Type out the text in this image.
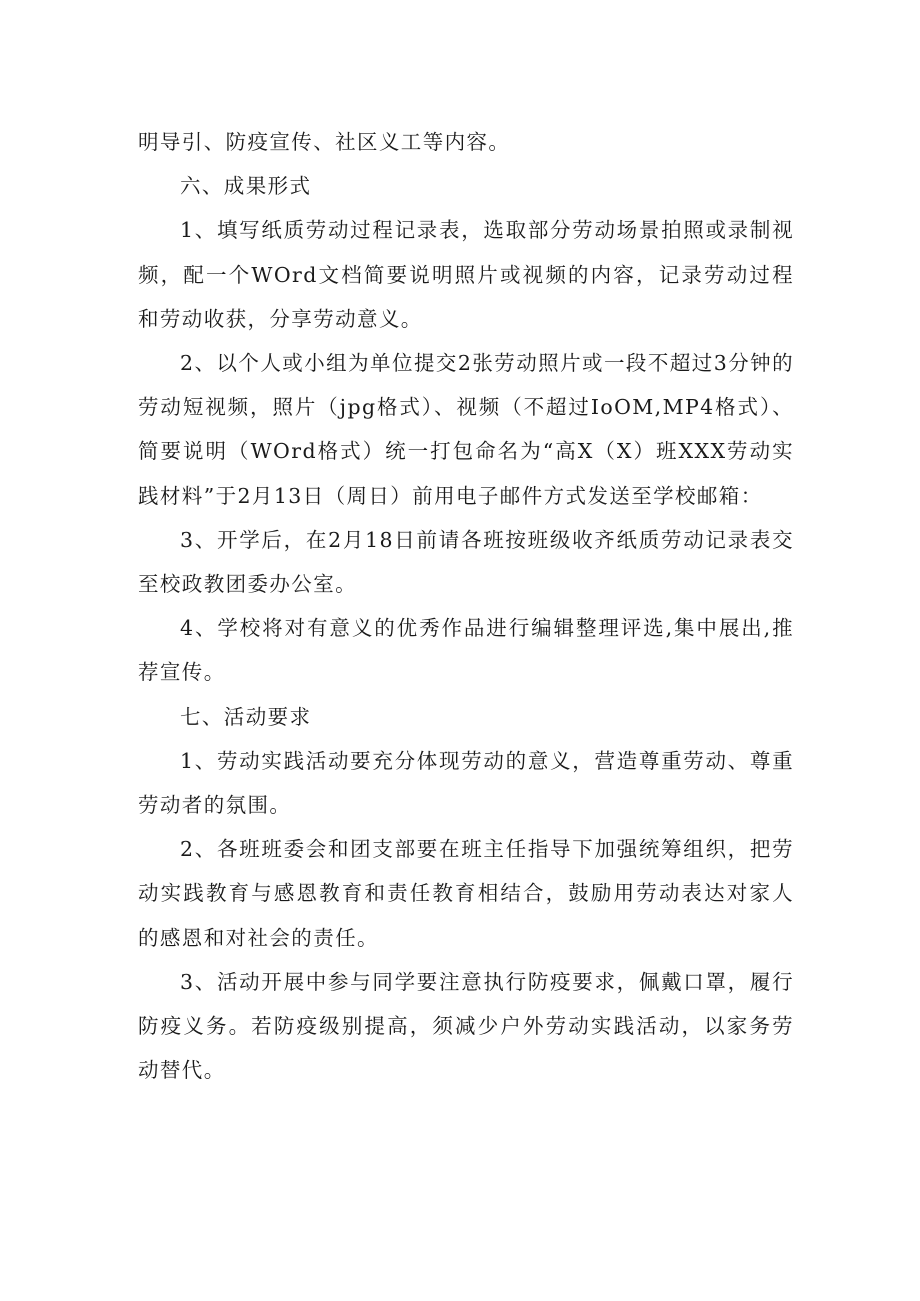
明导引、防疫宣传、社区义工等内容。

六、成果形式

1、填写纸质劳动过程记录表，选取部分劳动场景拍照或录制视频，配一个WOrd文档简要说明照片或视频的内容，记录劳动过程和劳动收获，分享劳动意义。

2、以个人或小组为单位提交2张劳动照片或一段不超过3分钟的劳动短视频，照片（jpg格式）、视频（不超过IoOM,MP4格式）、简要说明（WOrd格式）统一打包命名为“高X（X）班XXX劳动实践材料”于2月13日（周日）前用电子邮件方式发送至学校邮箱：

3、开学后，在2月18日前请各班按班级收齐纸质劳动记录表交至校政教团委办公室。

4、学校将对有意义的优秀作品进行编辑整理评选,集中展出,推荐宣传。

七、活动要求

1、劳动实践活动要充分体现劳动的意义，营造尊重劳动、尊重劳动者的氛围。

2、各班班委会和团支部要在班主任指导下加强统筹组织，把劳动实践教育与感恩教育和责任教育相结合，鼓励用劳动表达对家人的感恩和对社会的责任。

3、活动开展中参与同学要注意执行防疫要求，佩戴口罩，履行防疫义务。若防疫级别提高，须减少户外劳动实践活动，以家务劳动替代。
